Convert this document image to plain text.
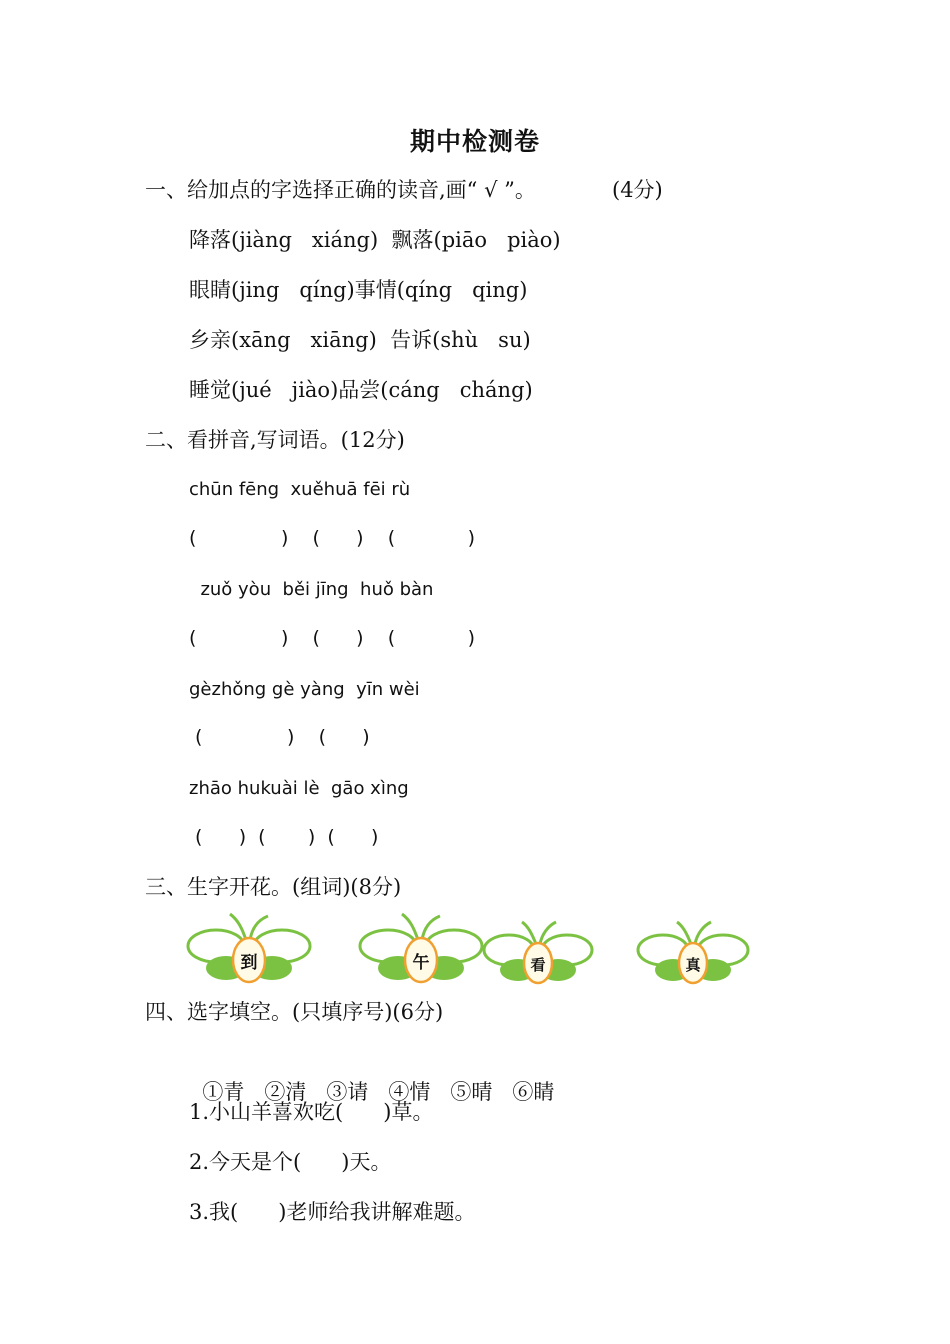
期中检测卷
一、给加点的字选择正确的读音,画“ √ ”。	(4分)
降落(jiàng   xiáng)  飘落(piāo   piào)
眼睛(jing   qíng)事情(qíng   qing)
乡亲(xāng   xiāng)  告诉(shù   su)
睡觉(jué   jiào)品尝(cáng   cháng)
二、看拼音,写词语。(12分)
chūn fēng  xuěhuā fēi rù
(              )    (      )    (            )
zuǒ yòu  běi jīng  huǒ bàn
(              )    (      )    (            )
gèzhǒng gè yàng  yīn wèi
(              )    (      )
zhāo hukuài lè  gāo xìng
(      )  (       )  (      )
三、生字开花。(组词)(8分)
到	午	看	真
四、选字填空。(只填序号)(6分)

①青 ②清 ③请 ④情 ⑤晴 ⑥睛

1.小山羊喜欢吃(      )草。
2.今天是个(      )天。
3.我(      )老师给我讲解难题。
